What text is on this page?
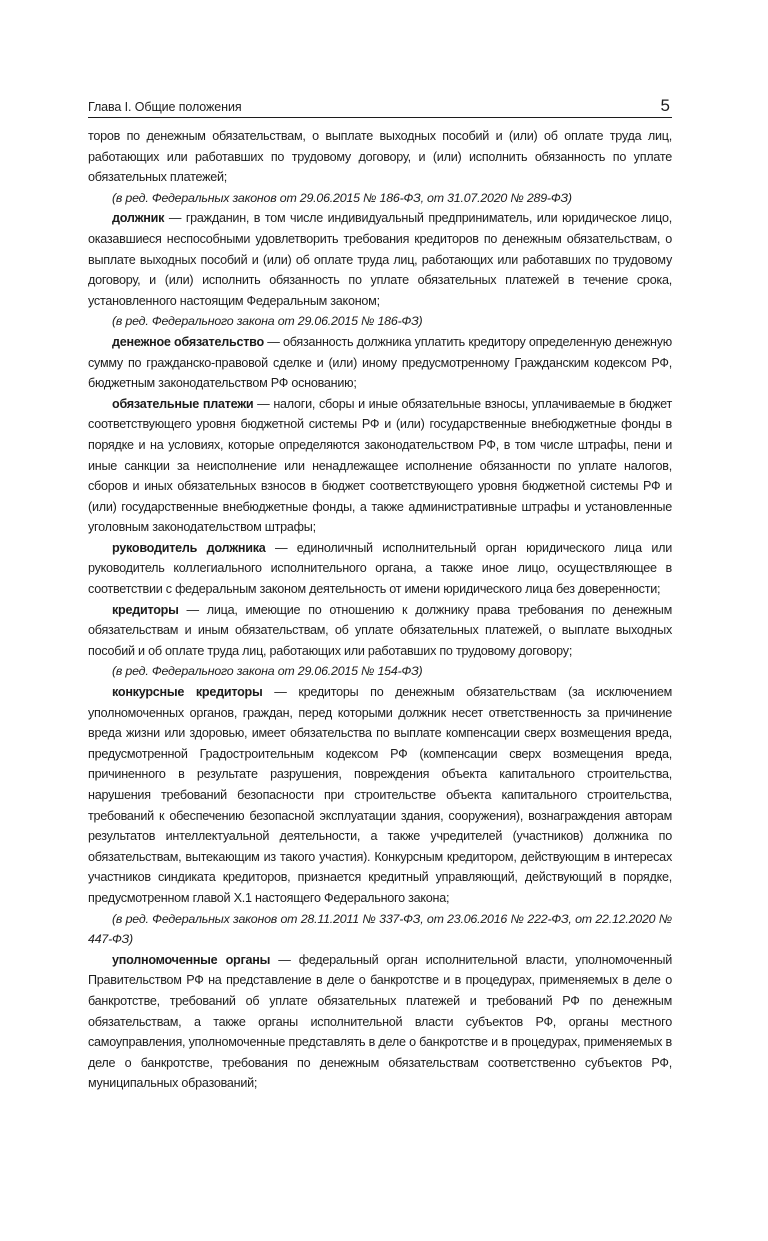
Глава I. Общие положения	5

торов по денежным обязательствам, о выплате выходных пособий и (или) об оплате труда лиц, работающих или работавших по трудовому договору, и (или) исполнить обязанность по уплате обязательных платежей;

(в ред. Федеральных законов от 29.06.2015 № 186-ФЗ, от 31.07.2020 № 289-ФЗ)

должник — гражданин, в том числе индивидуальный предприниматель, или юридическое лицо, оказавшиеся неспособными удовлетворить требования кредиторов по денежным обязательствам, о выплате выходных пособий и (или) об оплате труда лиц, работающих или работавших по трудовому договору, и (или) исполнить обязанность по уплате обязательных платежей в течение срока, установленного настоящим Федеральным законом;

(в ред. Федерального закона от 29.06.2015 № 186-ФЗ)

денежное обязательство — обязанность должника уплатить кредитору определенную денежную сумму по гражданско-правовой сделке и (или) иному предусмотренному Гражданским кодексом РФ, бюджетным законодательством РФ основанию;

обязательные платежи — налоги, сборы и иные обязательные взносы, уплачиваемые в бюджет соответствующего уровня бюджетной системы РФ и (или) государственные внебюджетные фонды в порядке и на условиях, которые определяются законодательством РФ, в том числе штрафы, пени и иные санкции за неисполнение или ненадлежащее исполнение обязанности по уплате налогов, сборов и иных обязательных взносов в бюджет соответствующего уровня бюджетной системы РФ и (или) государственные внебюджетные фонды, а также административные штрафы и установленные уголовным законодательством штрафы;

руководитель должника — единоличный исполнительный орган юридического лица или руководитель коллегиального исполнительного органа, а также иное лицо, осуществляющее в соответствии с федеральным законом деятельность от имени юридического лица без доверенности;

кредиторы — лица, имеющие по отношению к должнику права требования по денежным обязательствам и иным обязательствам, об уплате обязательных платежей, о выплате выходных пособий и об оплате труда лиц, работающих или работавших по трудовому договору;

(в ред. Федерального закона от 29.06.2015 № 154-ФЗ)

конкурсные кредиторы — кредиторы по денежным обязательствам (за исключением уполномоченных органов, граждан, перед которыми должник несет ответственность за причинение вреда жизни или здоровью, имеет обязательства по выплате компенсации сверх возмещения вреда, предусмотренной Градостроительным кодексом РФ (компенсации сверх возмещения вреда, причиненного в результате разрушения, повреждения объекта капитального строительства, нарушения требований безопасности при строительстве объекта капитального строительства, требований к обеспечению безопасной эксплуатации здания, сооружения), вознаграждения авторам результатов интеллектуальной деятельности, а также учредителей (участников) должника по обязательствам, вытекающим из такого участия). Конкурсным кредитором, действующим в интересах участников синдиката кредиторов, признается кредитный управляющий, действующий в порядке, предусмотренном главой X.1 настоящего Федерального закона;

(в ред. Федеральных законов от 28.11.2011 № 337-ФЗ, от 23.06.2016 № 222-ФЗ, от 22.12.2020 № 447-ФЗ)

уполномоченные органы — федеральный орган исполнительной власти, уполномоченный Правительством РФ на представление в деле о банкротстве и в процедурах, применяемых в деле о банкротстве, требований об уплате обязательных платежей и требований РФ по денежным обязательствам, а также органы исполнительной власти субъектов РФ, органы местного самоуправления, уполномоченные представлять в деле о банкротстве и в процедурах, применяемых в деле о банкротстве, требования по денежным обязательствам соответственно субъектов РФ, муниципальных образований;
